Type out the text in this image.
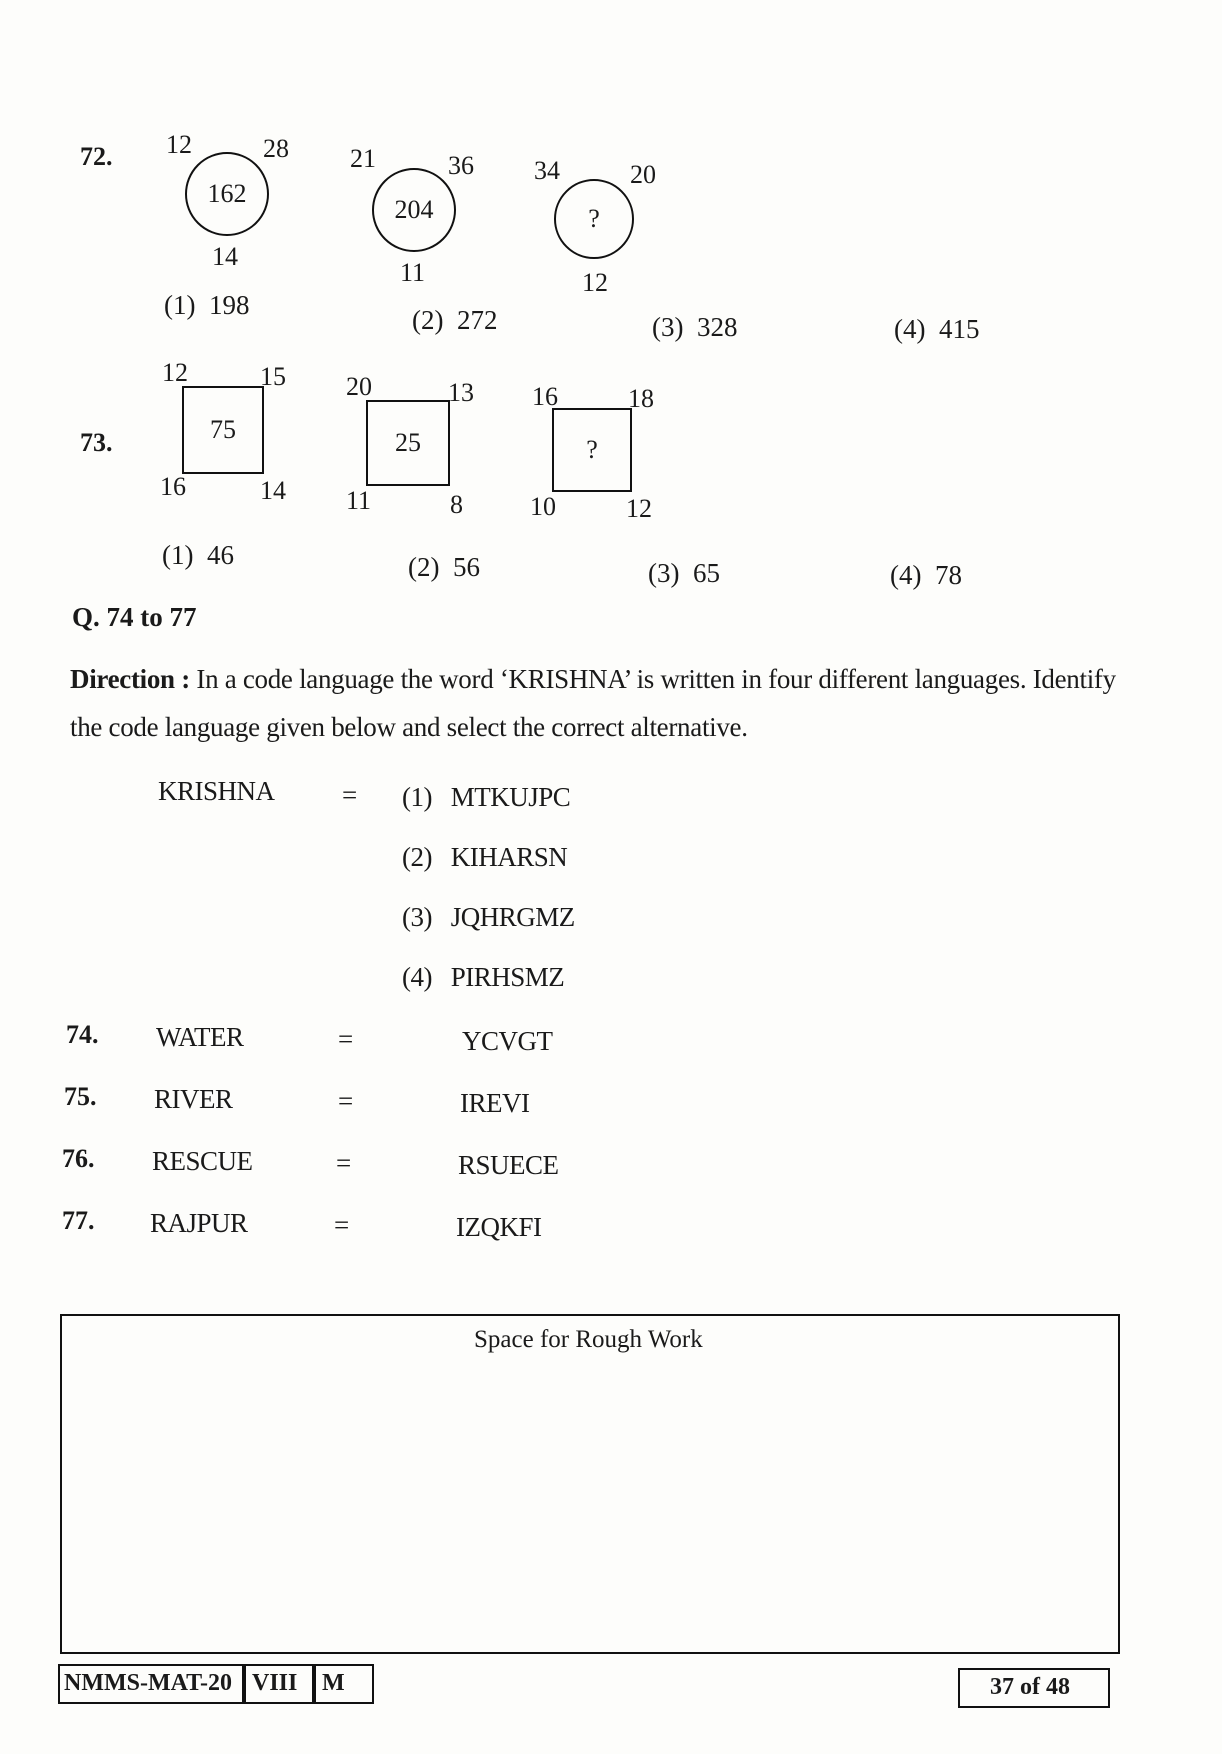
72. 12	28
162
14
21	36
204
11
34	20
?
12
(1) 198	(2) 272	(3) 328	(4) 415
73.
12	15
75
16	14
20	13
25
11	8
16	18
?
10	12
(1) 46	(2) 56	(3) 65	(4) 78
Q. 74 to 77
Direction : In a code language the word ‘KRISHNA’ is written in four different languages. Identify
the code language given below and select the correct alternative.
KRISHNA = (1) MTKUJPC
(2) KIHARSN
(3) JQHRGMZ
(4) PIRHSMZ
74. WATER	=	YCVGT
75. RIVER	=	IREVI
76. RESCUE	=	RSUECE
77. RAJPUR	=	IZQKFI
Space for Rough Work
NMMS-MAT-20 VIII M	37 of 48
